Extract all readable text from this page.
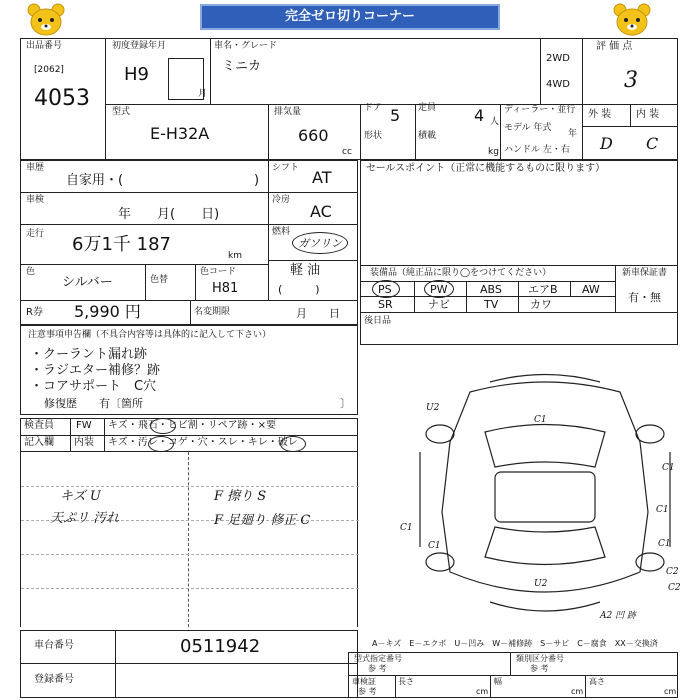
完全ゼロ切りコーナー
出品番号
[2062]
4053
初度登録年月
H9
月
車名・グレード
ミニカ
2WD
4WD
評 価 点
3
型式
E-H32A
排気量
660
cc
ドア 5
形状
定員 4 人
積載
kg
ディーラー・並行
モデル 年式
年
ハンドル 左・右
外 装 内 装
D C
車歴
自家用・(	)
シフト AT
車検
年　　月(　　日)
冷房
AC
走行 6万1千 187
km
燃料
ガソリン
軽 油
(　　　)
色
シルバー	色替
色コード
H81
R券 5,990 円	名変期限	月　　日
セールスポイント（正常に機能するものに限ります）
装備品（純正品に限り◯をつけてください）
PS	PW	ABS エアB AW
SR	ナビ	TV	カワ
新車保証書
有・無
後日品
注意事項申告欄（不具合内容等は具体的に記入して下さい）
・クーラント漏れ跡
・ラジエター補修？跡
・コアサポート　C穴
修復歴　　有〔箇所	〕
検査員 FW キズ・飛石・ヒビ割・リペア跡・×要
記入欄 内装 キズ・汚レ・コゲ・穴・スレ・キレ・破レ
キズ U
天ぷリ 汚れ
F 擦り S
F 足廻り 修正 C
U2
C1
C1
C1
C1
C1	C1
U2
C2
C2
A2 凹 跡
A－キズ　E－エクボ　U－凹み　W－補修跡　S－サビ　C－腐食　XX－交換済
車台番号	0511942
登録番号
型式指定番号
参 考
類別区分番号
参 考
車検証
参 考
長さ
cm
幅
cm
高さ
cm
